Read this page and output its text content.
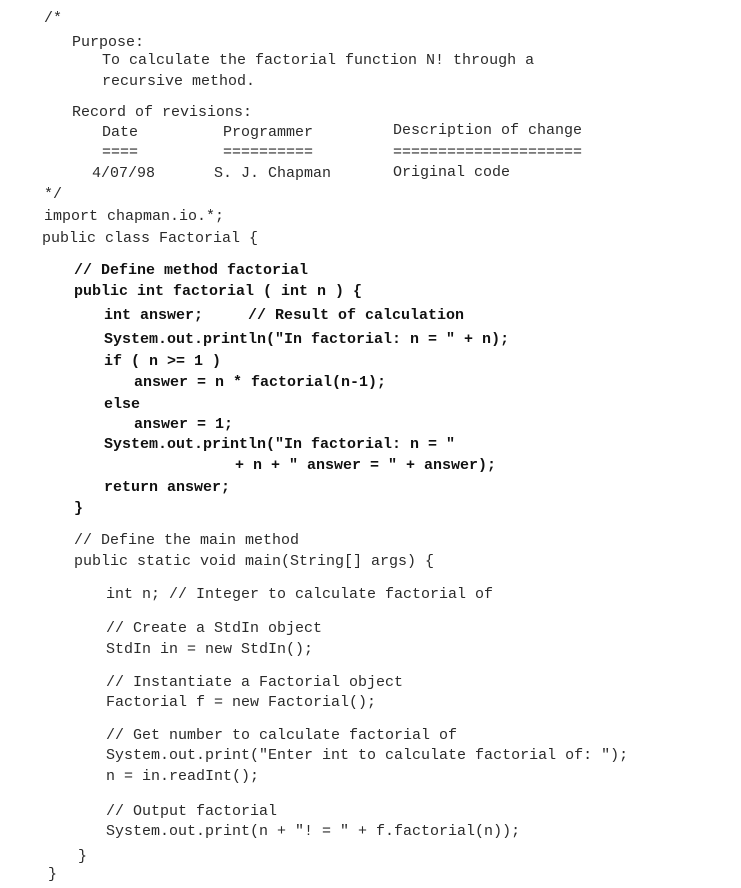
/*
Purpose:
To calculate the factorial function N! through a
recursive method.
Record of revisions:
Date	Programmer	Description of change
====	==========	=====================
4/07/98	S. J. Chapman	Original code
*/
import chapman.io.*;
public class Factorial {
// Define method factorial
public int factorial ( int n ) {
int answer;     // Result of calculation
System.out.println("In factorial: n = " + n);
if ( n >= 1 )
answer = n * factorial(n-1);
else
answer = 1;
System.out.println("In factorial: n = "
+ n + " answer = " + answer);
return answer;
}
// Define the main method
public static void main(String[] args) {
int n; // Integer to calculate factorial of
// Create a StdIn object
StdIn in = new StdIn();
// Instantiate a Factorial object
Factorial f = new Factorial();
// Get number to calculate factorial of
System.out.print("Enter int to calculate factorial of: ");
n = in.readInt();
// Output factorial
System.out.print(n + "! = " + f.factorial(n));
}
}
